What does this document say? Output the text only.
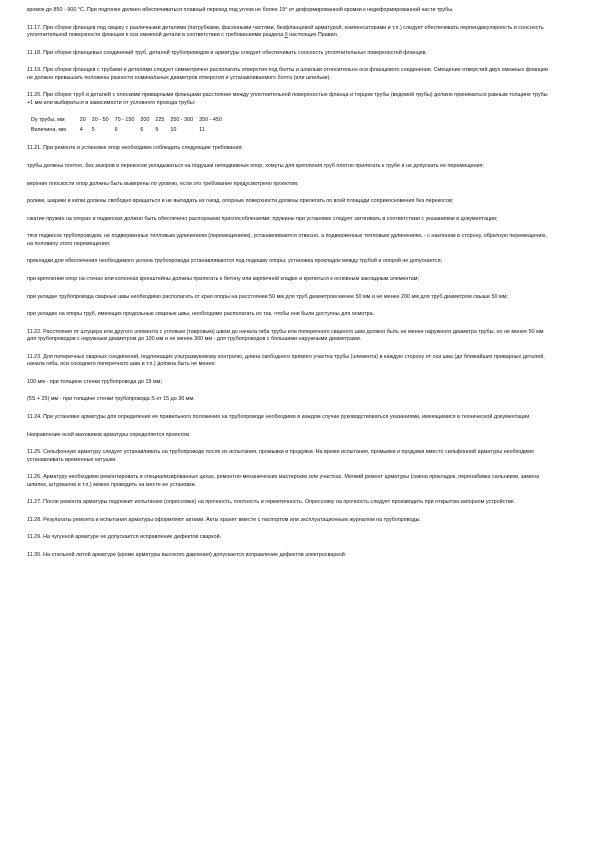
кромок до 850 - 900 °С. При подгонке должен обеспечиваться плавный переход под углом не более 15° от деформированной кромки к недеформированной части трубы.

11.17. При сборке фланцев под сварку с различными деталями (патрубками, фасонными частями, безфланцевой арматурой, компенсаторами и т.п.) следует обеспечивать перпендикулярность и соосность уплотнительной поверхности фланцев к оси смежной детали в соответствии с требованиями раздела 8 настоящих Правил.

11.18. При сборке фланцевых соединений труб, деталей трубопроводов и арматуры следует обеспечивать соосность уплотнительных поверхностей фланцев.

11.19. При сборке фланцев с трубами и деталями следует симметрично располагать отверстия под болты и шпильки относительно оси фланцевого соединения. Смещение отверстий двух смежных фланцев не должно превышать половины разности номинальных диаметров отверстия и устанавливаемого болта (или шпильки).

11.20. При сборке труб и деталей с плоскими приварными фланцами расстояние между уплотнительной поверхностью фланца и торцом трубы (ведомой трубы) должно приниматься равным толщине трубы +1 мм или выбираться в зависимости от условного прохода трубы:

Dy трубы, мм	20	20 - 50	70 - 150	200	225	250 - 300	350 - 450
Величина, мм	4	5	6	6	9	10	11

11.21. При ремонте и установке опор необходимо соблюдать следующие требования:

трубы должны плотно, без зазоров и перекосов укладываться на подушки неподвижных опор, хомуты для крепления труб плотно прилегать к трубе и не допускать ее перемещения;

верхние плоскости опор должны быть выверены по уровню, если это требование предусмотрено проектом;

ролики, шарики и катки должны свободно вращаться и не выпадать из гнезд, опорные поверхности должны прилегать по всей площади соприкосновения без перекосов;

сжатие пружин на опорах и подвесках должно быть обеспечено распорными приспособлениями; пружины при установке следует затягивать в соответствии с указаниями в документации;

тяги подвесок трубопроводов, не подверженных тепловым удлинениям (перемещениям), устанавливаются отвесно, а подверженных тепловым удлинениям, - с наклоном в сторону, обратную перемещению, на половину этого перемещения;

прокладки для обеспечения необходимого уклона трубопровода устанавливаются под подошву опоры; установка прокладок между трубой и опорой не допускается;

при креплении опор на стенах или колоннах кронштейны должны прилегать к бетону или кирпичной кладке и крепиться к основным закладным элементам;

при укладке трубопровода сварные швы необходимо располагать от края опоры на расстоянии 50 мм для труб диаметром менее 50 мм и не менее 200 мм для труб диаметром свыше 50 мм;

при укладке на опоры труб, имеющих продольные сварные швы, необходимо располагать их так, чтобы они были доступны для осмотра.

11.22. Расстояние от штуцера или другого элемента с угловым (тавровым) швом до начала гиба трубы или поперечного сварного шва должно быть не менее наружного диаметра трубы, но не менее 50 мм для трубопроводов с наружным диаметром до 100 мм и не менее 300 мм - для трубопроводов с большими наружными диаметрами.

11.23. Для поперечных сварных соединений, подлежащих ультразвуковому контролю, длина свободного прямого участка трубы (элемента) в каждую сторону от оси шва (до ближайших приварных деталей, начала гиба, оси соседнего поперечного шва и т.п.) должна быть не менее:

100 мм - при толщине стенки трубопровода до 15 мм;

(5S + 25) мм - при толщине стенки трубопровода S от 15 до 30 мм.

11.24. При установке арматуры для определения ее правильного положения на трубопроводе необходимо в каждом случае руководствоваться указаниями, имеющимися в технической документации.

Направление осей маховиков арматуры определяется проектом.

11.25. Сильфонную арматуру следует устанавливать на трубопроводе после их испытания, промывки и продувки. На время испытания, промывки и продувки вместо сильфонной арматуры необходимо устанавливать временные катушки.

11.26. Арматуру необходимо ремонтировать в специализированных цехах, ремонтно-механических мастерских или участках. Мелкий ремонт арматуры (смена прокладок, перенабивка сальников, замена шпилек, штурвалов и т.п.) можно проводить на месте ее установки.

11.27. После ремонта арматуры подлежит испытанию (опрессовке) на прочность, плотность и герметичность. Опрессовку на прочность следует производить при открытом запорном устройстве.

11.28. Результаты ремонта и испытания арматуры оформляют актами. Акты хранят вместе с паспортом или эксплуатационным журналом на трубопроводы.

11.29. На чугунной арматуре не допускается исправление дефектов сваркой.

11.30. На стальной литой арматуре (кроме арматуры высокого давления) допускается исправление дефектов электросваркой:
